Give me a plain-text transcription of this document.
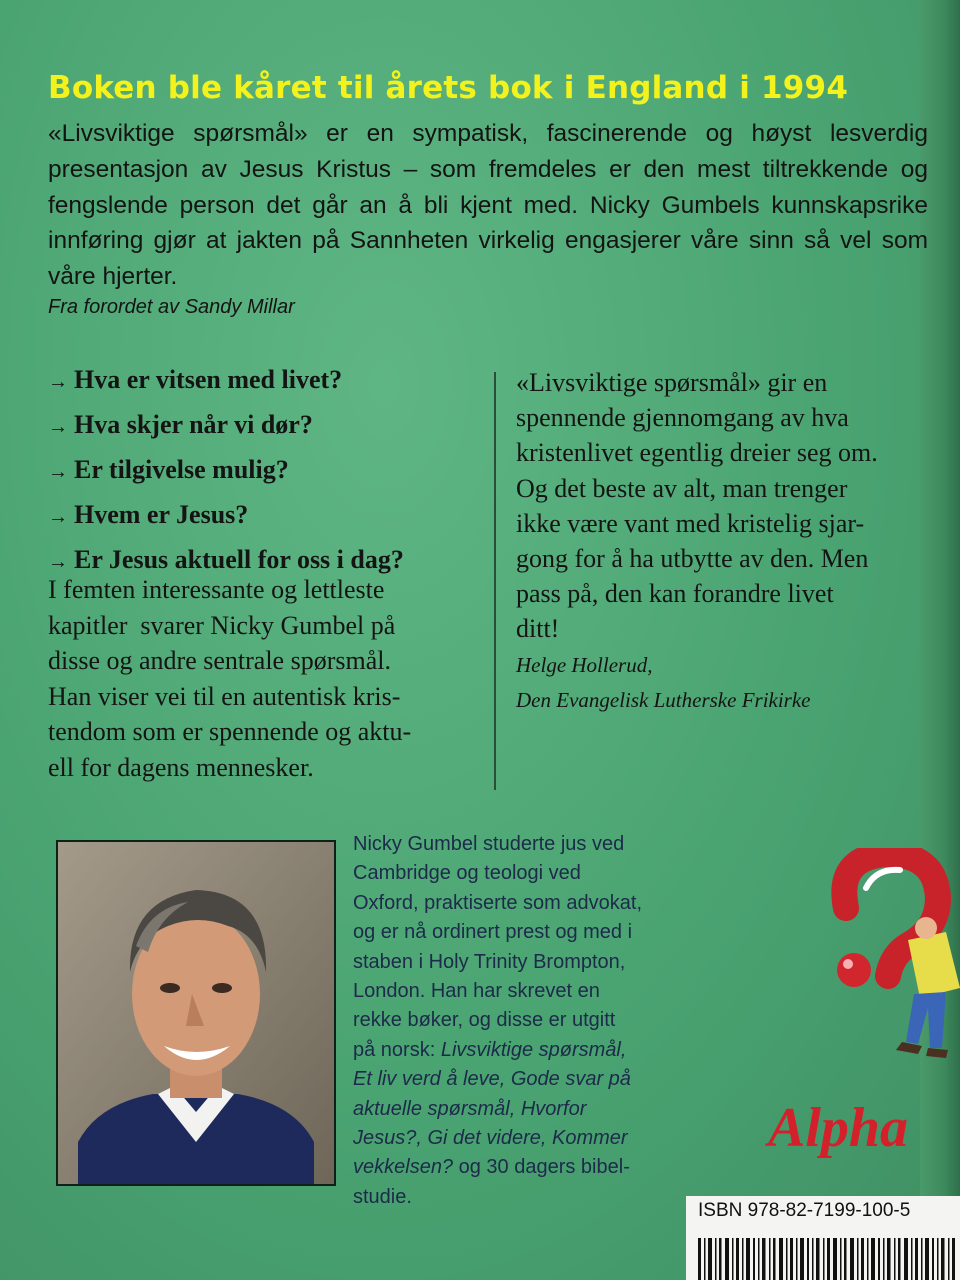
Boken ble kåret til årets bok i England i 1994

«Livsviktige spørsmål» er en sympatisk, fascinerende og høyst lesverdig presentasjon av Jesus Kristus – som fremdeles er den mest tiltrekkende og fengslende person det går an å bli kjent med. Nicky Gumbels kunnskapsrike innføring gjør at jakten på Sannheten virkelig engasjerer våre sinn så vel som våre hjerter.

Fra forordet av Sandy Millar
→ Hva er vitsen med livet?
→ Hva skjer når vi dør?
→ Er tilgivelse mulig?
→ Hvem er Jesus?
→ Er Jesus aktuell for oss i dag?
I femten interessante og lettleste
kapitler  svarer Nicky Gumbel på
disse og andre sentrale spørsmål.
Han viser vei til en autentisk kris-
tendom som er spennende og aktu-
ell for dagens mennesker.

«Livsviktige spørsmål» gir en

spennende gjennomgang av hva

kristenlivet egentlig dreier seg om.

Og det beste av alt, man trenger

ikke være vant med kristelig sjar-

gong for å ha utbytte av den. Men

pass på, den kan forandre livet

ditt!

Helge Hollerud,
Den Evangelisk Lutherske Frikirke
Nicky Gumbel studerte jus ved
Cambridge og teologi ved
Oxford, praktiserte som advokat,
og er nå ordinert prest og med i
staben i Holy Trinity Brompton,
London. Han har skrevet en
rekke bøker, og disse er utgitt
på norsk: Livsviktige spørsmål,
Et liv verd å leve, Gode svar på
aktuelle spørsmål, Hvorfor
Jesus?, Gi det videre, Kommer
vekkelsen? og 30 dagers bibel-
studie.
Alpha
ISBN 978-82-7199-100-5
